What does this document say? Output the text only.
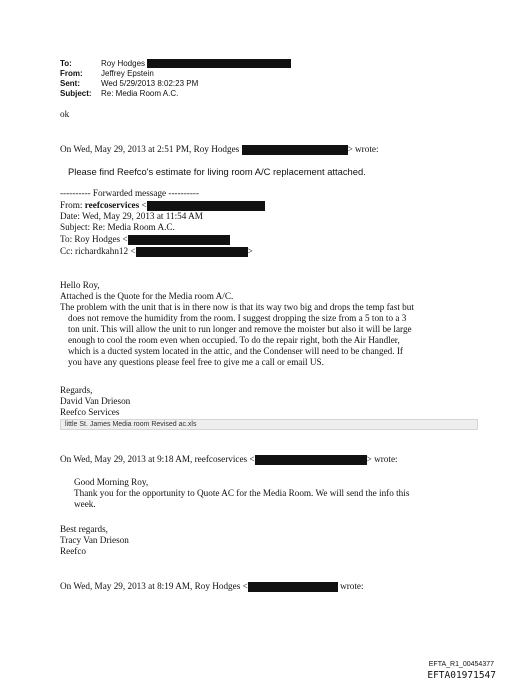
To:	Roy Hodges
From: Jeffrey Epstein
Sent:	Wed 5/29/2013 8:02:23 PM
Subject: Re: Media Room A.C.
ok
On Wed, May 29, 2013 at 2:51 PM, Roy Hodges	> wrote:
Please find Reefco's estimate for living room A/C replacement attached.
---------- Forwarded message ----------
From: reefcoservices <
Date: Wed, May 29, 2013 at 11:54 AM
Subject: Re: Media Room A.C.
To: Roy Hodges <
Cc: richardkahn12 <	>
Hello Roy,
Attached is the Quote for the Media room A/C.
The problem with the unit that is in there now is that its way two big and drops the temp fast but
does not remove the humidity from the room. I suggest dropping the size from a 5 ton to a 3
ton unit. This will allow the unit to run longer and remove the moister but also it will be large
enough to cool the room even when occupied. To do the repair right, both the Air Handler,
which is a ducted system located in the attic, and the Condenser will need to be changed. If
you have any questions please feel free to give me a call or email US.
Regards,
David Van Drieson
Reefco Services
little St. James Media room Revised ac.xls
On Wed, May 29, 2013 at 9:18 AM, reefcoservices <	> wrote:
Good Morning Roy,
Thank you for the opportunity to Quote AC for the Media Room. We will send the info this
week.
Best regards,
Tracy Van Drieson
Reefco
On Wed, May 29, 2013 at 8:19 AM, Roy Hodges <	wrote:
EFTA_R1_00454377
EFTA01971547
